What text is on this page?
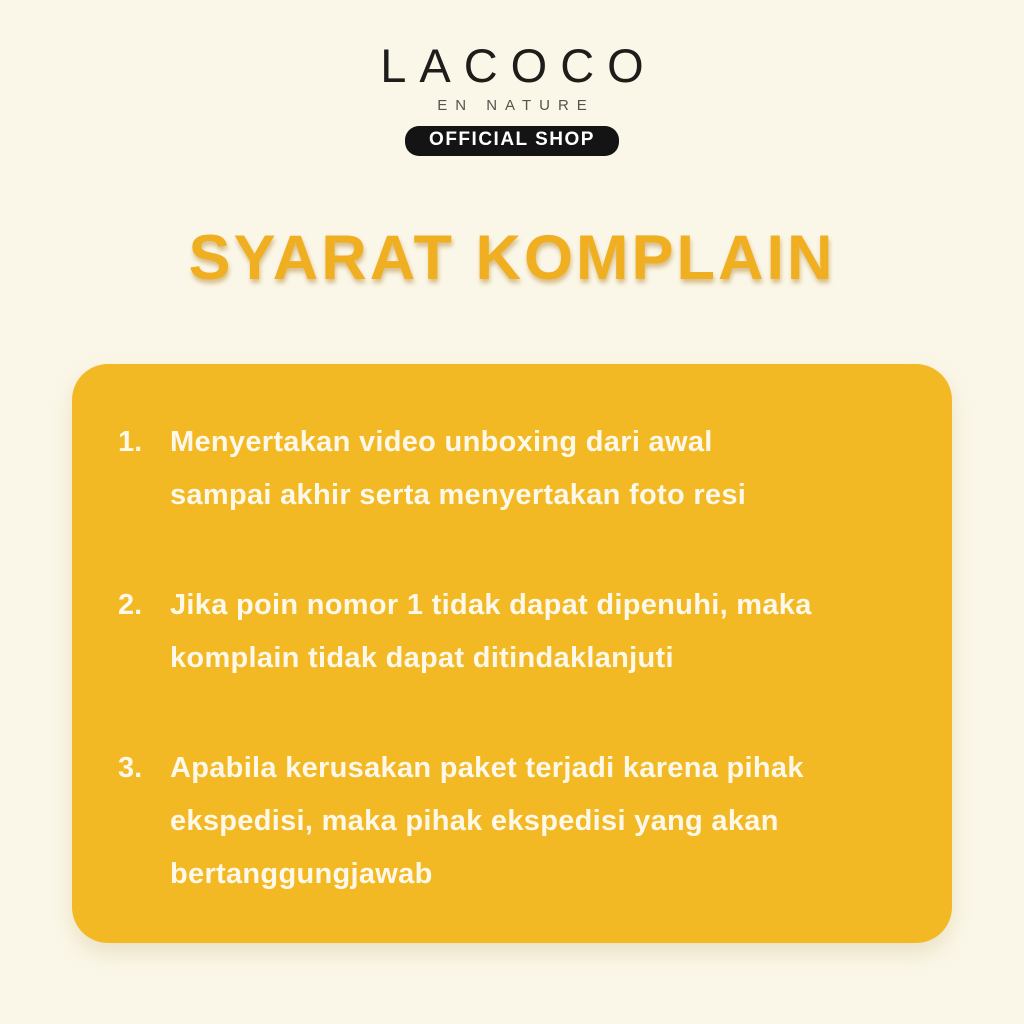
LACOCO
EN NATURE
OFFICIAL SHOP
SYARAT KOMPLAIN
1. Menyertakan video unboxing dari awal
sampai akhir serta menyertakan foto resi
2. Jika poin nomor 1 tidak dapat dipenuhi, maka
komplain tidak dapat ditindaklanjuti
3. Apabila kerusakan paket terjadi karena pihak
ekspedisi, maka pihak ekspedisi yang akan
bertanggungjawab
